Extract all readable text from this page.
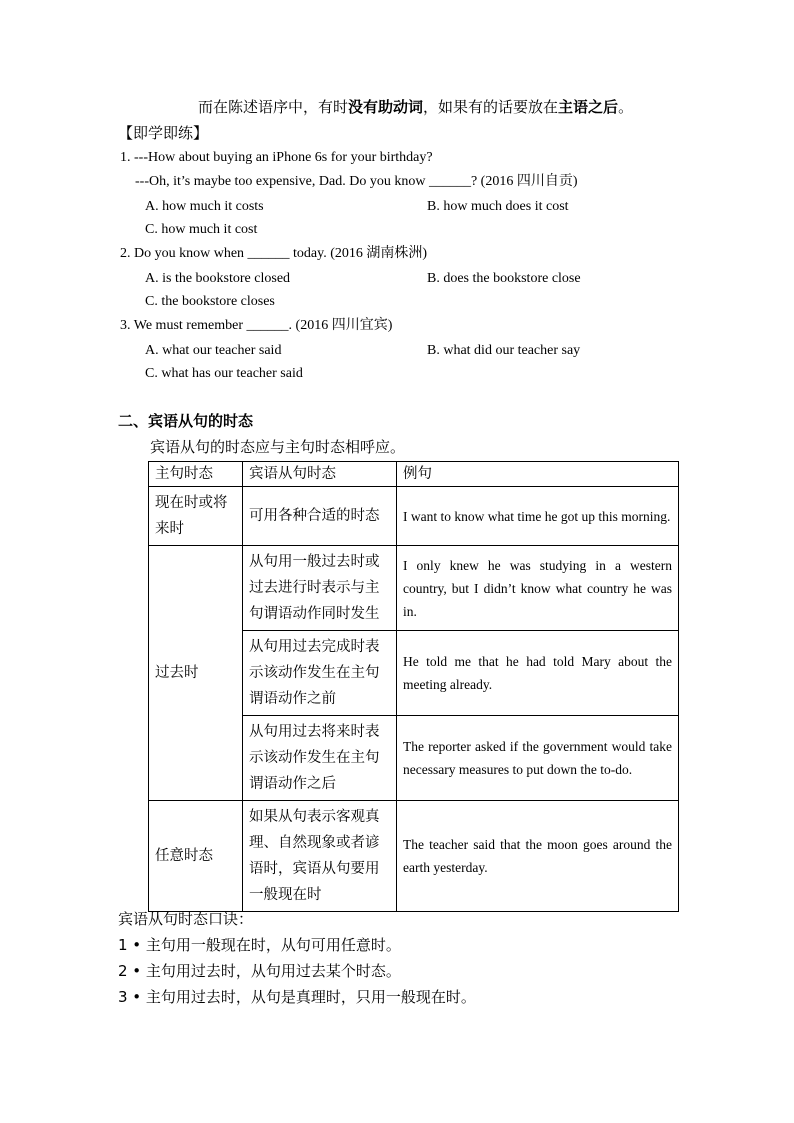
而在陈述语序中，有时没有助动词，如果有的话要放在主语之后。
【即学即练】
1. ---How about buying an iPhone 6s for your birthday?
---Oh, it’s maybe too expensive, Dad. Do you know ______? (2016 四川自贡)
A. how much it costs	B. how much does it cost
C. how much it cost
2. Do you know when ______ today. (2016 湖南株洲)
A. is the bookstore closed	B. does the bookstore close
C. the bookstore closes
3. We must remember ______. (2016 四川宜宾)
A. what our teacher said	B. what did our teacher say
C. what has our teacher said
二、宾语从句的时态
宾语从句的时态应与主句时态相呼应。
主句时态	宾语从句时态	例句
现在时或将来时	可用各种合适的时态	I want to know what time he got up this morning.
过去时	从句用一般过去时或过去进行时表示与主句谓语动作同时发生	I only knew he was studying in a western country, but I didn’t know what country he was in.
	从句用过去完成时表示该动作发生在主句谓语动作之前	He told me that he had told Mary about the meeting already.
	从句用过去将来时表示该动作发生在主句谓语动作之后	The reporter asked if the government would take necessary measures to put down the to-do.
任意时态	如果从句表示客观真理、自然现象或者谚语时，宾语从句要用一般现在时	The teacher said that the moon goes around the earth yesterday.
宾语从句时态口诀：
1 • 主句用一般现在时，从句可用任意时。
2 • 主句用过去时，从句用过去某个时态。
3 • 主句用过去时，从句是真理时，只用一般现在时。
